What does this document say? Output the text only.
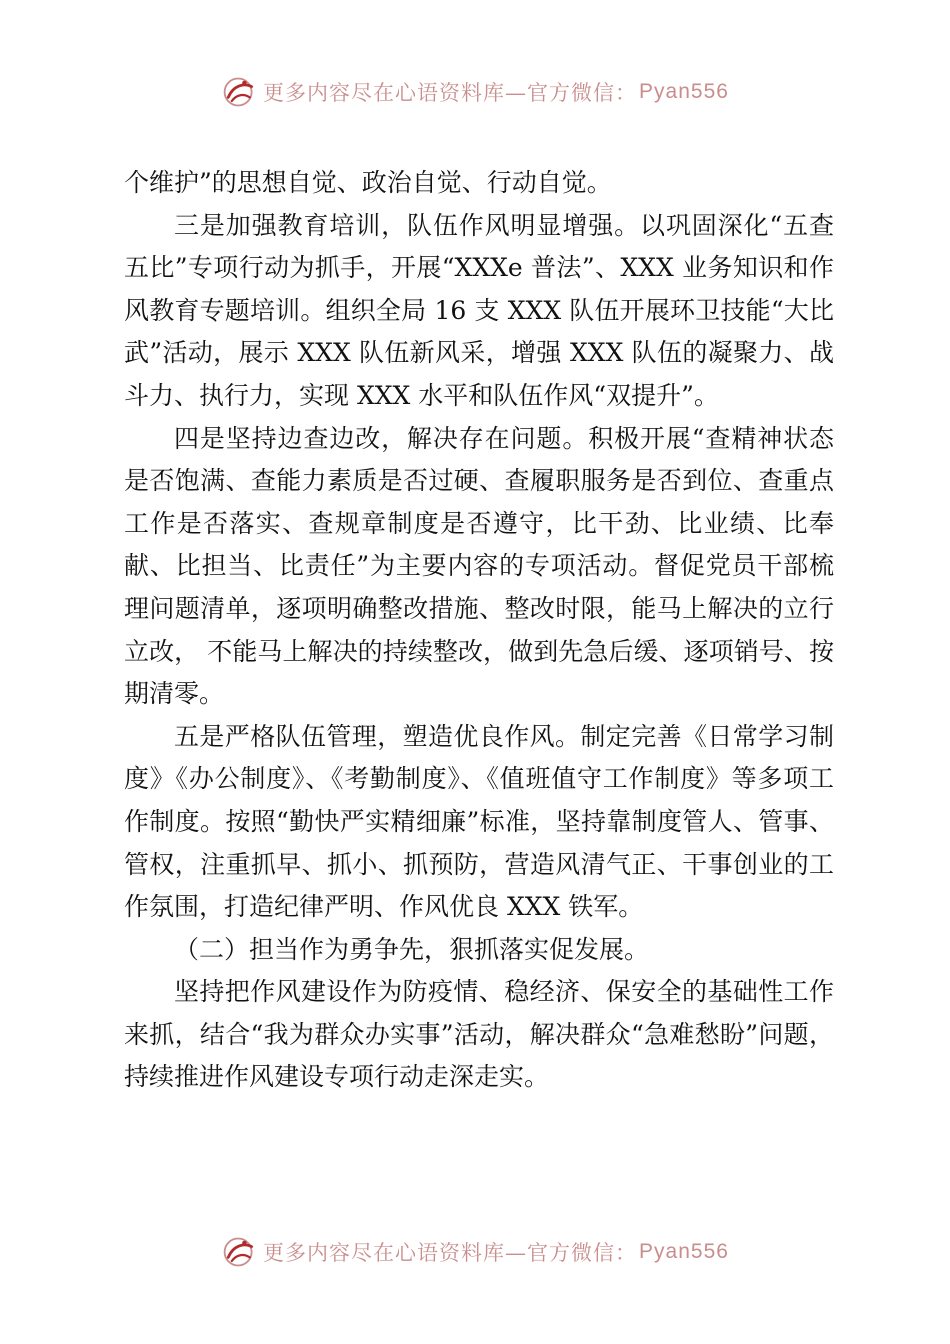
更多内容尽在心语资料库—官方微信： Pyan556

个维护”的思想自觉、政治自觉、行动自觉。

三是加强教育培训，队伍作风明显增强。以巩固深化“五查五比”专项行动为抓手，开展“XXXe 普法”、XXX 业务知识和作风教育专题培训。组织全局 16 支 XXX 队伍开展环卫技能“大比武”活动，展示 XXX 队伍新风采，增强 XXX 队伍的凝聚力、战斗力、执行力，实现 XXX 水平和队伍作风“双提升”。

四是坚持边查边改，解决存在问题。积极开展“查精神状态是否饱满、查能力素质是否过硬、查履职服务是否到位、查重点工作是否落实、查规章制度是否遵守，比干劲、比业绩、比奉献、比担当、比责任”为主要内容的专项活动。督促党员干部梳理问题清单，逐项明确整改措施、整改时限，能马上解决的立行立改， 不能马上解决的持续整改，做到先急后缓、逐项销号、按期清零。

五是严格队伍管理，塑造优良作风。制定完善《日常学习制度》《办公制度》、《考勤制度》、《值班值守工作制度》等多项工作制度。按照“勤快严实精细廉”标准，坚持靠制度管人、管事、管权，注重抓早、抓小、抓预防，营造风清气正、干事创业的工作氛围，打造纪律严明、作风优良 XXX 铁军。

（二）担当作为勇争先，狠抓落实促发展。

坚持把作风建设作为防疫情、稳经济、保安全的基础性工作来抓，结合“我为群众办实事”活动，解决群众“急难愁盼”问题，持续推进作风建设专项行动走深走实。

更多内容尽在心语资料库—官方微信： Pyan556
